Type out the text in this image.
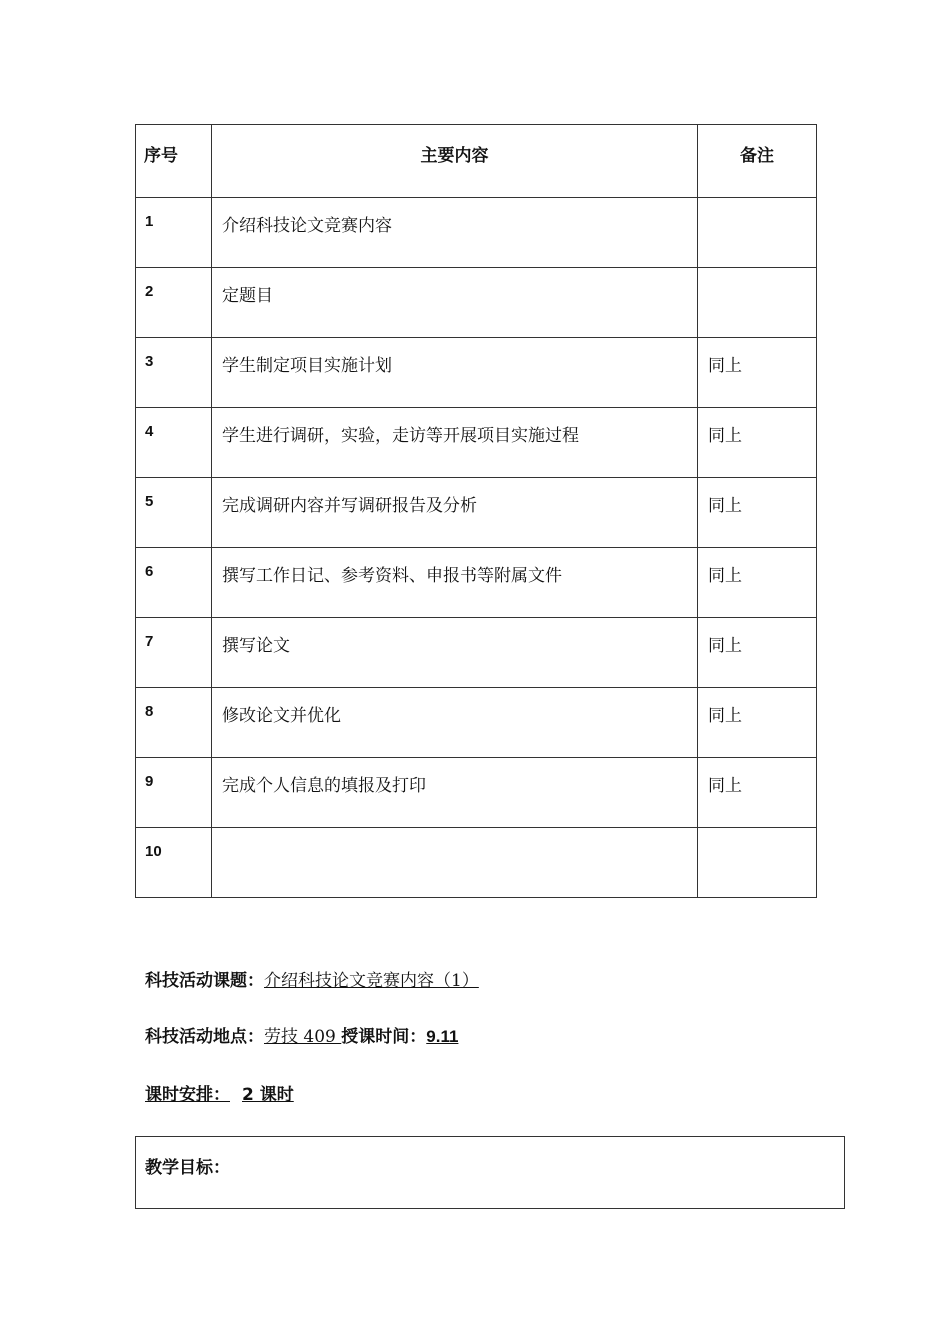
序号	主要内容	备注

1	介绍科技论文竞赛内容	

2	定题目	

3	学生制定项目实施计划	同上

4	学生进行调研，实验，走访等开展项目实施过程	同上

5	完成调研内容并写调研报告及分析	同上

6	撰写工作日记、参考资料、申报书等附属文件	同上

7	撰写论文	同上

8	修改论文并优化	同上

9	完成个人信息的填报及打印	同上

10		

科技活动课题：介绍科技论文竞赛内容（1）
科技活动地点：劳技 409 授课时间：9.11
课时安排： 2 课时
教学目标：
